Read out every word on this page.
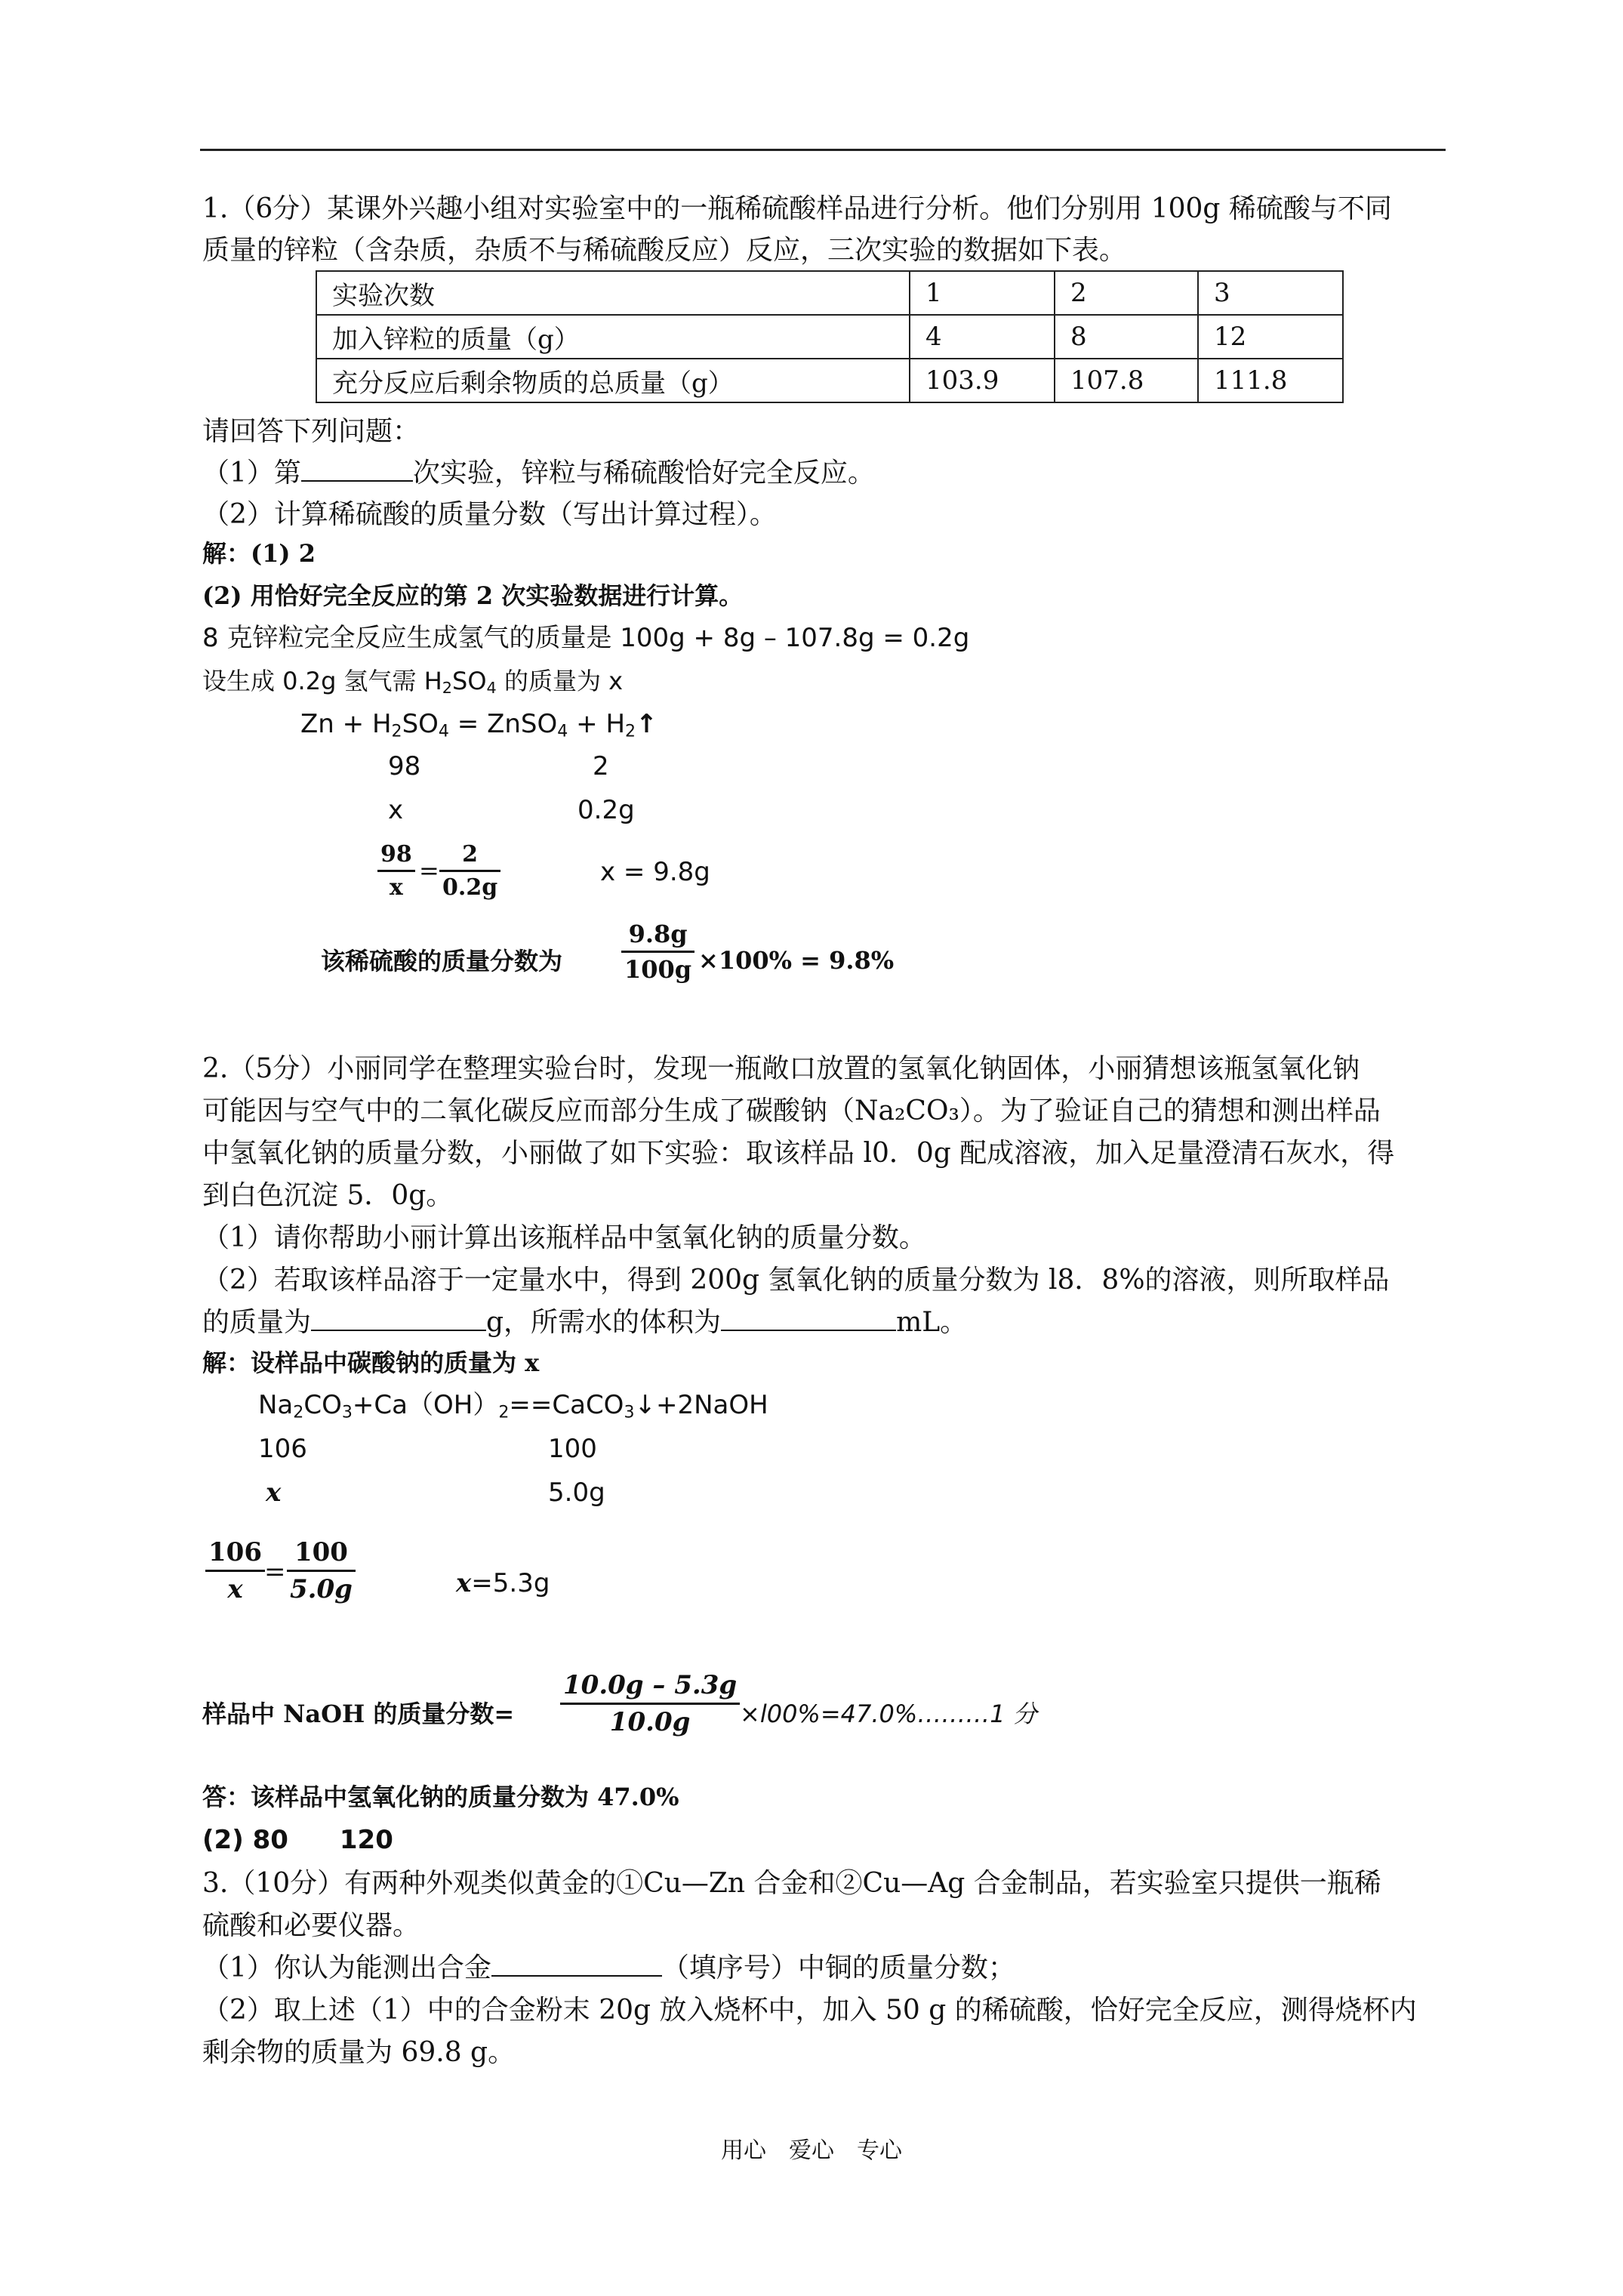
1.（6分）某课外兴趣小组对实验室中的一瓶稀硫酸样品进行分析。他们分别用 100g 稀硫酸与不同
质量的锌粒（含杂质，杂质不与稀硫酸反应）反应，三次实验的数据如下表。
实验次数	1	2	3
加入锌粒的质量（g）	4	8	12
充分反应后剩余物质的总质量（g）	103.9	107.8	111.8
请回答下列问题：
（1）第	次实验，锌粒与稀硫酸恰好完全反应。
（2）计算稀硫酸的质量分数（写出计算过程）。
解：(1) 2
(2) 用恰好完全反应的第 2 次实验数据进行计算。
8 克锌粒完全反应生成氢气的质量是 100g + 8g – 107.8g = 0.2g
设生成 0.2g 氢气需 $H_2SO_4$ 的质量为 x
$Zn + H_2SO_4$ = ZnSO$_4$ + $H_2↑$
98	2
x	0.2g
98
x
=
2
0.2g
x = 9.8g
该稀硫酸的质量分数为
9.8g
100g ×100% = 9.8%
2.（5分）小丽同学在整理实验台时，发现一瓶敞口放置的氢氧化钠固体，小丽猜想该瓶氢氧化钠
可能因与空气中的二氧化碳反应而部分生成了碳酸钠（Na₂CO₃）。为了验证自己的猜想和测出样品
中氢氧化钠的质量分数，小丽做了如下实验：取该样品 l0．0g 配成溶液，加入足量澄清石灰水，得
到白色沉淀 5．0g。
（1）请你帮助小丽计算出该瓶样品中氢氧化钠的质量分数。
（2）若取该样品溶于一定量水中，得到 200g 氢氧化钠的质量分数为 l8．8%的溶液，则所取样品
的质量为	g，所需水的体积为	mL。
解：设样品中碳酸钠的质量为 x
$Na_2CO_3+Ca(OH)_2==CaCO_3↓+2NaOH$
106	100
x	5.0g
106
x
=
100
5.0g	x=5.3g
样品中 NaOH 的质量分数=
10.0g – 5.3g
10.0g ×l00%=47.0%………1 分
答：该样品中氢氧化钠的质量分数为 47.0%
(2) 80　　120
3.（10分）有两种外观类似黄金的①Cu—Zn 合金和②Cu—Ag 合金制品，若实验室只提供一瓶稀
硫酸和必要仪器。
（1）你认为能测出合金	（填序号）中铜的质量分数；
（2）取上述（1）中的合金粉末 20g 放入烧杯中，加入 50 g 的稀硫酸，恰好完全反应，测得烧杯内
剩余物的质量为 69.8 g。
用心　爱心　专心
